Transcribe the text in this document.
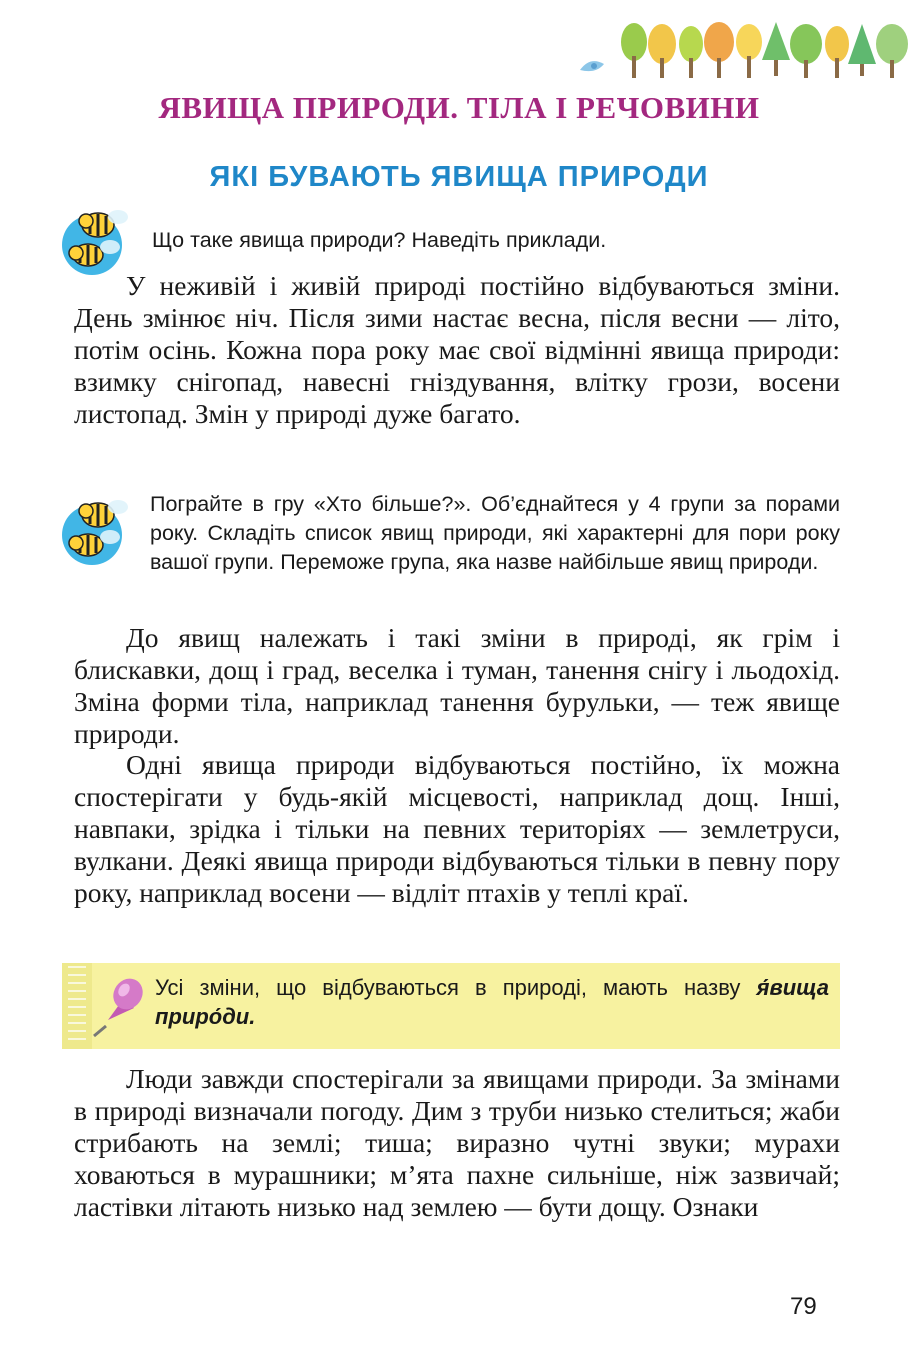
ЯВИЩА ПРИРОДИ. ТІЛА І РЕЧОВИНИ
ЯКІ БУВАЮТЬ ЯВИЩА ПРИРОДИ
Що таке явища природи? Наведіть приклади.

У неживій і живій природі постійно відбуваються зміни. День змінює ніч. Після зими настає весна, після весни — літо, потім осінь. Кожна пора року має свої відмінні явища природи: взимку снігопад, навесні гніздування, влітку грози, восени листопад. Змін у природі дуже багато.

Пограйте в гру «Хто більше?». Об’єднайтеся у 4 групи за порами року. Складіть список явищ природи, які характерні для пори року вашої групи. Переможе група, яка назве найбільше явищ природи.

До явищ належать і такі зміни в природі, як грім і блискавки, дощ і град, веселка і туман, танення снігу і льодохід. Зміна форми тіла, наприклад танення бурульки, — теж явище природи.

Одні явища природи відбуваються постійно, їх можна спостерігати у будь-якій місцевості, наприклад дощ. Інші, навпаки, зрідка і тільки на певних територіях — землетруси, вулкани. Деякі явища природи відбуваються тільки в певну пору року, наприклад восени — відліт птахів у теплі краї.

Усі зміни, що відбуваються в природі, мають назву я́вища приро́ди.

Люди завжди спостерігали за явищами природи. За змінами в природі визначали погоду. Дим з труби низько стелиться; жаби стрибають на землі; тиша; виразно чутні звуки; мурахи ховаються в мурашники; м’ята пахне сильніше, ніж зазвичай; ластівки літають низько над землею — бути дощу. Ознаки

79
